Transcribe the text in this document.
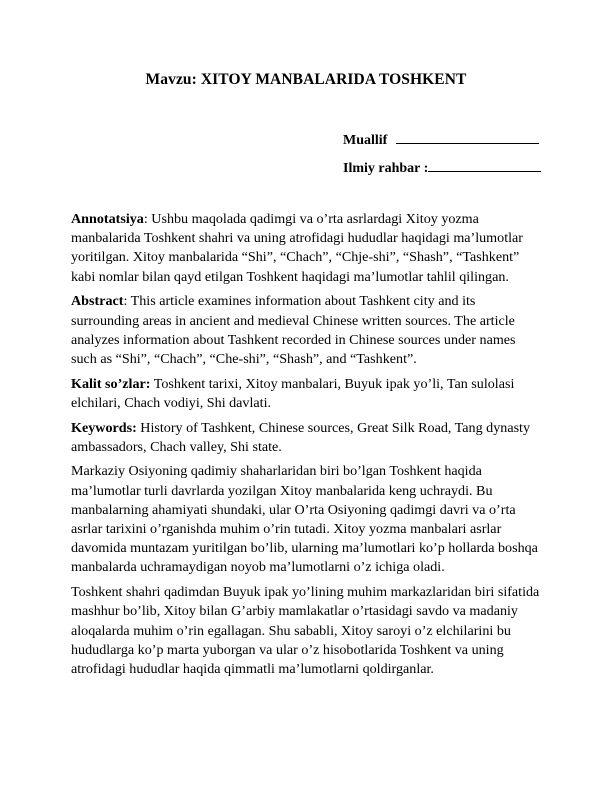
Mavzu: XITOY MANBALARIDA TOSHKENT
Muallif
Ilmiy rahbar :

Annotatsiya: Ushbu maqolada qadimgi va o’rta asrlardagi Xitoy yozma manbalarida Toshkent shahri va uning atrofidagi hududlar haqidagi ma’lumotlar yoritilgan. Xitoy manbalarida “Shi”, “Chach”, “Chje-shi”, “Shash”, “Tashkent” kabi nomlar bilan qayd etilgan Toshkent haqidagi ma’lumotlar tahlil qilingan.

Abstract: This article examines information about Tashkent city and its surrounding areas in ancient and medieval Chinese written sources. The article analyzes information about Tashkent recorded in Chinese sources under names such as “Shi”, “Chach”, “Che-shi”, “Shash”, and “Tashkent”.

Kalit so’zlar: Toshkent tarixi, Xitoy manbalari, Buyuk ipak yo’li, Tan sulolasi elchilari, Chach vodiyi, Shi davlati.

Keywords: History of Tashkent, Chinese sources, Great Silk Road, Tang dynasty ambassadors, Chach valley, Shi state.

Markaziy Osiyoning qadimiy shaharlaridan biri bo’lgan Toshkent haqida ma’lumotlar turli davrlarda yozilgan Xitoy manbalarida keng uchraydi. Bu manbalarning ahamiyati shundaki, ular O’rta Osiyoning qadimgi davri va o’rta asrlar tarixini o’rganishda muhim o’rin tutadi. Xitoy yozma manbalari asrlar davomida muntazam yuritilgan bo’lib, ularning ma’lumotlari ko’p hollarda boshqa manbalarda uchramaydigan noyob ma’lumotlarni o’z ichiga oladi.

Toshkent shahri qadimdan Buyuk ipak yo’lining muhim markazlaridan biri sifatida mashhur bo’lib, Xitoy bilan G’arbiy mamlakatlar o’rtasidagi savdo va madaniy aloqalarda muhim o’rin egallagan. Shu sababli, Xitoy saroyi o’z elchilarini bu hududlarga ko’p marta yuborgan va ular o’z hisobotlarida Toshkent va uning atrofidagi hududlar haqida qimmatli ma’lumotlarni qoldirganlar.
